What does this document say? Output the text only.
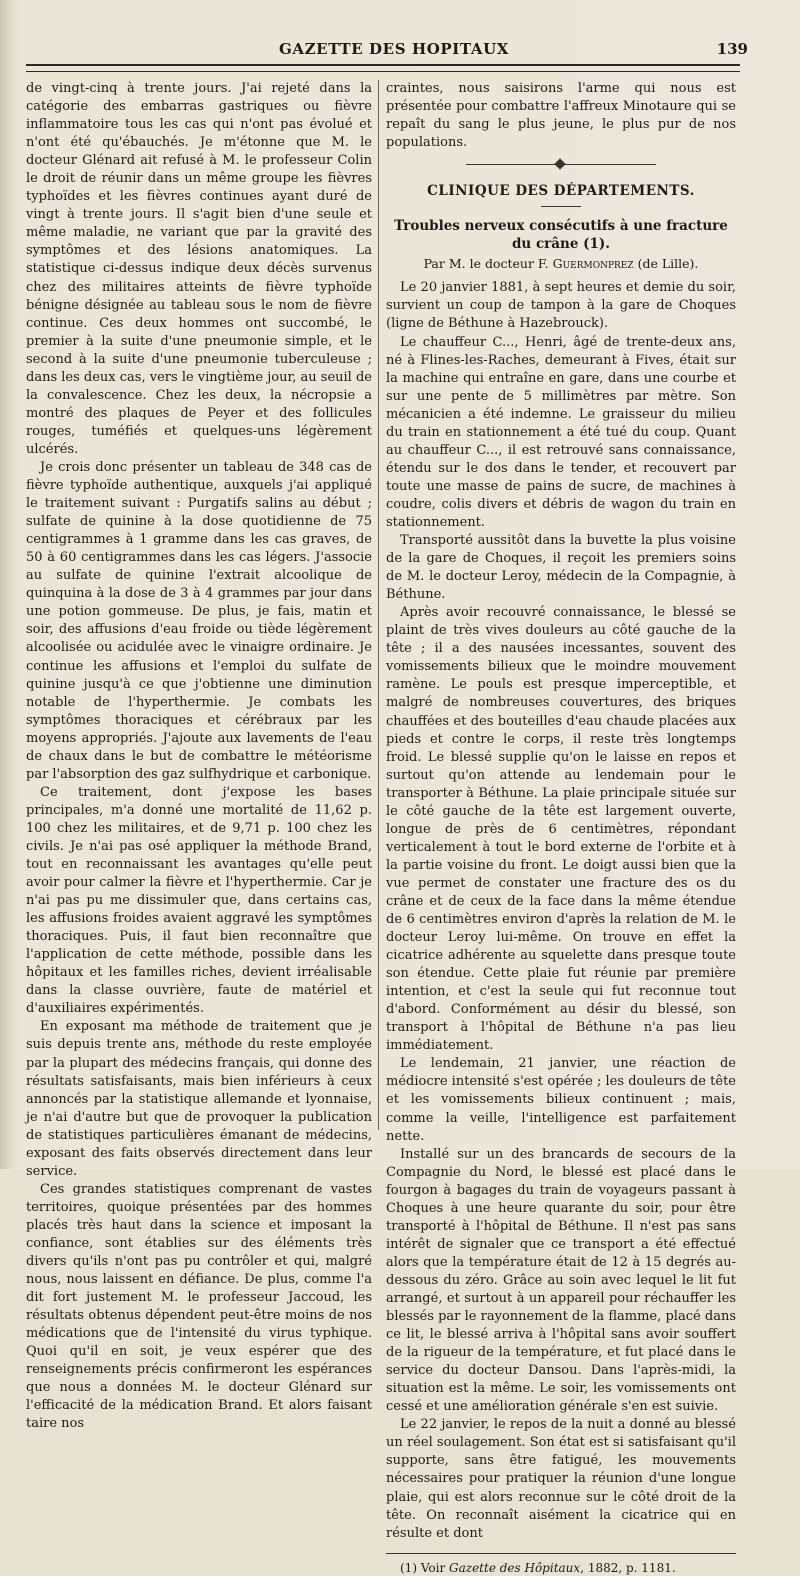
GAZETTE DES HOPITAUX	139

de vingt-cinq à trente jours. J'ai rejeté dans la catégorie des embarras gastriques ou fièvre inflammatoire tous les cas qui n'ont pas évolué et n'ont été qu'ébauchés. Je m'étonne que M. le docteur Glénard ait refusé à M. le professeur Colin le droit de réunir dans un même groupe les fièvres typhoïdes et les fièvres continues ayant duré de vingt à trente jours. Il s'agit bien d'une seule et même maladie, ne variant que par la gravité des symptômes et des lésions anatomiques. La statistique ci-dessus indique deux décès survenus chez des militaires atteints de fièvre typhoïde bénigne désignée au tableau sous le nom de fièvre continue. Ces deux hommes ont succombé, le premier à la suite d'une pneumonie simple, et le second à la suite d'une pneumonie tuberculeuse ; dans les deux cas, vers le vingtième jour, au seuil de la convalescence. Chez les deux, la nécropsie a montré des plaques de Peyer et des follicules rouges, tuméfiés et quelques-uns légèrement ulcérés.

Je crois donc présenter un tableau de 348 cas de fièvre typhoïde authentique, auxquels j'ai appliqué le traitement suivant : Purgatifs salins au début ; sulfate de quinine à la dose quotidienne de 75 centigrammes à 1 gramme dans les cas graves, de 50 à 60 centigrammes dans les cas légers. J'associe au sulfate de quinine l'extrait alcoolique de quinquina à la dose de 3 à 4 grammes par jour dans une potion gommeuse. De plus, je fais, matin et soir, des affusions d'eau froide ou tiède légèrement alcoolisée ou acidulée avec le vinaigre ordinaire. Je continue les affusions et l'emploi du sulfate de quinine jusqu'à ce que j'obtienne une diminution notable de l'hyperthermie. Je combats les symptômes thoraciques et cérébraux par les moyens appropriés. J'ajoute aux lavements de l'eau de chaux dans le but de combattre le météorisme par l'absorption des gaz sulfhydrique et carbonique.

Ce traitement, dont j'expose les bases principales, m'a donné une mortalité de 11,62 p. 100 chez les militaires, et de 9,71 p. 100 chez les civils. Je n'ai pas osé appliquer la méthode Brand, tout en reconnaissant les avantages qu'elle peut avoir pour calmer la fièvre et l'hyperthermie. Car je n'ai pas pu me dissimuler que, dans certains cas, les affusions froides avaient aggravé les symptômes thoraciques. Puis, il faut bien reconnaître que l'application de cette méthode, possible dans les hôpitaux et les familles riches, devient irréalisable dans la classe ouvrière, faute de matériel et d'auxiliaires expérimentés.

En exposant ma méthode de traitement que je suis depuis trente ans, méthode du reste employée par la plupart des médecins français, qui donne des résultats satisfaisants, mais bien inférieurs à ceux annoncés par la statistique allemande et lyonnaise, je n'ai d'autre but que de provoquer la publication de statistiques particulières émanant de médecins, exposant des faits observés directement dans leur service.

Ces grandes statistiques comprenant de vastes territoires, quoique présentées par des hommes placés très haut dans la science et imposant la confiance, sont établies sur des éléments très divers qu'ils n'ont pas pu contrôler et qui, malgré nous, nous laissent en défiance. De plus, comme l'a dit fort justement M. le professeur Jaccoud, les résultats obtenus dépendent peut-être moins de nos médications que de l'intensité du virus typhique. Quoi qu'il en soit, je veux espérer que des renseignements précis confirmeront les espérances que nous a données M. le docteur Glénard sur l'efficacité de la médication Brand. Et alors faisant taire nos

craintes, nous saisirons l'arme qui nous est présentée pour combattre l'affreux Minotaure qui se repaît du sang le plus jeune, le plus pur de nos populations.

CLINIQUE DES DÉPARTEMENTS.
Troubles nerveux consécutifs à une fracture du crâne (1).
Par M. le docteur F. Guermonprez (de Lille).

Le 20 janvier 1881, à sept heures et demie du soir, survient un coup de tampon à la gare de Choques (ligne de Béthune à Hazebrouck).

Le chauffeur C..., Henri, âgé de trente-deux ans, né à Flines-les-Raches, demeurant à Fives, était sur la machine qui entraîne en gare, dans une courbe et sur une pente de 5 millimètres par mètre. Son mécanicien a été indemne. Le graisseur du milieu du train en stationnement a été tué du coup. Quant au chauffeur C..., il est retrouvé sans connaissance, étendu sur le dos dans le tender, et recouvert par toute une masse de pains de sucre, de machines à coudre, colis divers et débris de wagon du train en stationnement.

Transporté aussitôt dans la buvette la plus voisine de la gare de Choques, il reçoit les premiers soins de M. le docteur Leroy, médecin de la Compagnie, à Béthune.

Après avoir recouvré connaissance, le blessé se plaint de très vives douleurs au côté gauche de la tête ; il a des nausées incessantes, souvent des vomissements bilieux que le moindre mouvement ramène. Le pouls est presque imperceptible, et malgré de nombreuses couvertures, des briques chauffées et des bouteilles d'eau chaude placées aux pieds et contre le corps, il reste très longtemps froid. Le blessé supplie qu'on le laisse en repos et surtout qu'on attende au lendemain pour le transporter à Béthune. La plaie principale située sur le côté gauche de la tête est largement ouverte, longue de près de 6 centimètres, répondant verticalement à tout le bord externe de l'orbite et à la partie voisine du front. Le doigt aussi bien que la vue permet de constater une fracture des os du crâne et de ceux de la face dans la même étendue de 6 centimètres environ d'après la relation de M. le docteur Leroy lui-même. On trouve en effet la cicatrice adhérente au squelette dans presque toute son étendue. Cette plaie fut réunie par première intention, et c'est la seule qui fut reconnue tout d'abord. Conformément au désir du blessé, son transport à l'hôpital de Béthune n'a pas lieu immédiatement.

Le lendemain, 21 janvier, une réaction de médiocre intensité s'est opérée ; les douleurs de tête et les vomissements bilieux continuent ; mais, comme la veille, l'intelligence est parfaitement nette.

Installé sur un des brancards de secours de la Compagnie du Nord, le blessé est placé dans le fourgon à bagages du train de voyageurs passant à Choques à une heure quarante du soir, pour être transporté à l'hôpital de Béthune. Il n'est pas sans intérêt de signaler que ce transport a été effectué alors que la température était de 12 à 15 degrés au-dessous du zéro. Grâce au soin avec lequel le lit fut arrangé, et surtout à un appareil pour réchauffer les blessés par le rayonnement de la flamme, placé dans ce lit, le blessé arriva à l'hôpital sans avoir souffert de la rigueur de la température, et fut placé dans le service du docteur Dansou. Dans l'après-midi, la situation est la même. Le soir, les vomissements ont cessé et une amélioration générale s'en est suivie.

Le 22 janvier, le repos de la nuit a donné au blessé un réel soulagement. Son état est si satisfaisant qu'il supporte, sans être fatigué, les mouvements nécessaires pour pratiquer la réunion d'une longue plaie, qui est alors reconnue sur le côté droit de la tête. On reconnaît aisément la cicatrice qui en résulte et dont

(1) Voir Gazette des Hôpitaux, 1882, p. 1181.
